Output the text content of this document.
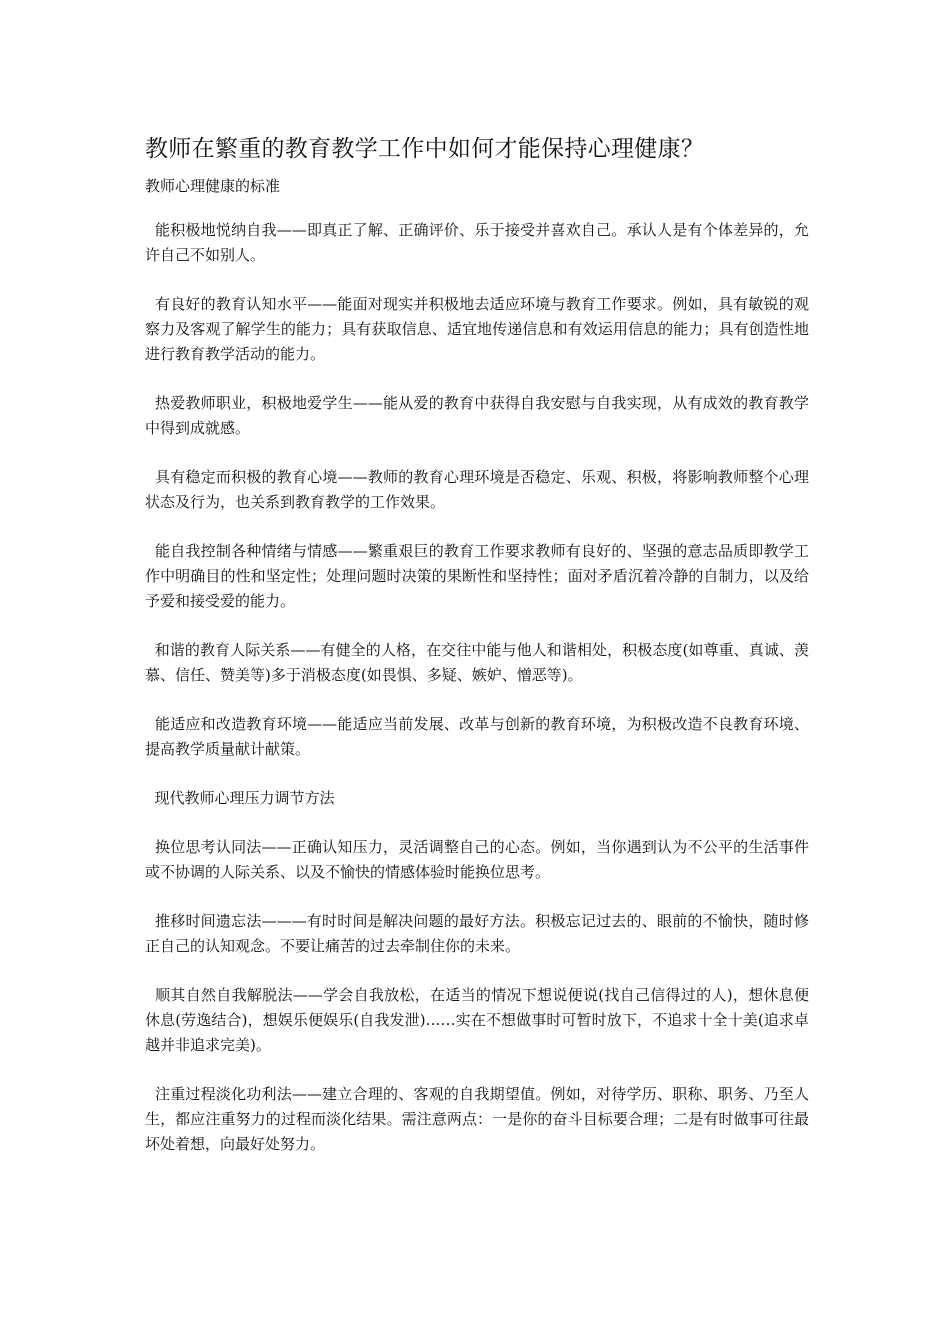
教师在繁重的教育教学工作中如何才能保持心理健康？
教师心理健康的标准

能积极地悦纳自我——即真正了解、正确评价、乐于接受并喜欢自己。承认人是有个体差异的，允许自己不如别人。

有良好的教育认知水平——能面对现实并积极地去适应环境与教育工作要求。例如，具有敏锐的观察力及客观了解学生的能力；具有获取信息、适宜地传递信息和有效运用信息的能力；具有创造性地进行教育教学活动的能力。

热爱教师职业，积极地爱学生——能从爱的教育中获得自我安慰与自我实现，从有成效的教育教学中得到成就感。

具有稳定而积极的教育心境——教师的教育心理环境是否稳定、乐观、积极，将影响教师整个心理状态及行为，也关系到教育教学的工作效果。

能自我控制各种情绪与情感——繁重艰巨的教育工作要求教师有良好的、坚强的意志品质即教学工作中明确目的性和坚定性；处理问题时决策的果断性和坚持性；面对矛盾沉着冷静的自制力，以及给予爱和接受爱的能力。

和谐的教育人际关系——有健全的人格，在交往中能与他人和谐相处，积极态度(如尊重、真诚、羡慕、信任、赞美等)多于消极态度(如畏惧、多疑、嫉妒、憎恶等)。

能适应和改造教育环境——能适应当前发展、改革与创新的教育环境，为积极改造不良教育环境、提高教学质量献计献策。

现代教师心理压力调节方法

换位思考认同法——正确认知压力，灵活调整自己的心态。例如，当你遇到认为不公平的生活事件或不协调的人际关系、以及不愉快的情感体验时能换位思考。

推移时间遗忘法———有时时间是解决问题的最好方法。积极忘记过去的、眼前的不愉快，随时修正自己的认知观念。不要让痛苦的过去牵制住你的未来。

顺其自然自我解脱法——学会自我放松，在适当的情况下想说便说(找自己信得过的人)，想休息便休息(劳逸结合)，想娱乐便娱乐(自我发泄)……实在不想做事时可暂时放下，不追求十全十美(追求卓越并非追求完美)。

注重过程淡化功利法——建立合理的、客观的自我期望值。例如，对待学历、职称、职务、乃至人生，都应注重努力的过程而淡化结果。需注意两点：一是你的奋斗目标要合理；二是有时做事可往最坏处着想，向最好处努力。
